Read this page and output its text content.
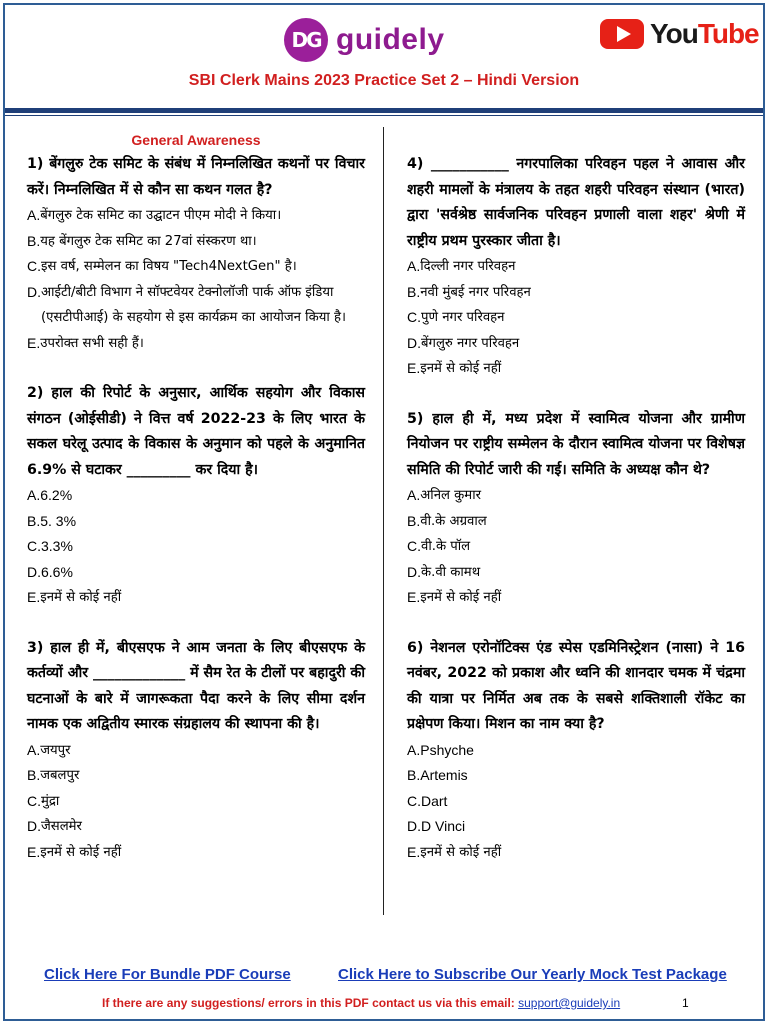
DG guidely	YouTube
SBI Clerk Mains 2023 Practice Set 2 – Hindi Version
General Awareness
1) बेंगलुरु टेक समिट के संबंध में निम्नलिखित कथनों पर विचार करें। निम्नलिखित में से कौन सा कथन गलत है?
A. बेंगलुरु टेक समिट का उद्घाटन पीएम मोदी ने किया।
B. यह बेंगलुरु टेक समिट का 27वां संस्करण था।
C. इस वर्ष, सम्मेलन का विषय "Tech4NextGen" है।
D. आईटी/बीटी विभाग ने सॉफ्टवेयर टेक्नोलॉजी पार्क ऑफ इंडिया (एसटीपीआई) के सहयोग से इस कार्यक्रम का आयोजन किया है।
E. उपरोक्त सभी सही हैं।
2) हाल की रिपोर्ट के अनुसार, आर्थिक सहयोग और विकास संगठन (ओईसीडी) ने वित्त वर्ष 2022-23 के लिए भारत के सकल घरेलू उत्पाद के विकास के अनुमान को पहले के अनुमानित 6.9% से घटाकर _________ कर दिया है।
A. 6.2%
B. 5. 3%
C. 3.3%
D. 6.6%
E. इनमें से कोई नहीं
3) हाल ही में, बीएसएफ ने आम जनता के लिए बीएसएफ के कर्तव्यों और _____________ में सैम रेत के टीलों पर बहादुरी की घटनाओं के बारे में जागरूकता पैदा करने के लिए सीमा दर्शन नामक एक अद्वितीय स्मारक संग्रहालय की स्थापना की है।
A. जयपुर
B. जबलपुर
C. मुंद्रा
D. जैसलमेर
E. इनमें से कोई नहीं
4) ___________ नगरपालिका परिवहन पहल ने आवास और शहरी मामलों के मंत्रालय के तहत शहरी परिवहन संस्थान (भारत) द्वारा 'सर्वश्रेष्ठ सार्वजनिक परिवहन प्रणाली वाला शहर' श्रेणी में राष्ट्रीय प्रथम पुरस्कार जीता है।
A. दिल्ली नगर परिवहन
B. नवी मुंबई नगर परिवहन
C. पुणे नगर परिवहन
D. बेंगलुरु नगर परिवहन
E. इनमें से कोई नहीं
5) हाल ही में, मध्य प्रदेश में स्वामित्व योजना और ग्रामीण नियोजन पर राष्ट्रीय सम्मेलन के दौरान स्वामित्व योजना पर विशेषज्ञ समिति की रिपोर्ट जारी की गई। समिति के अध्यक्ष कौन थे?
A. अनिल कुमार
B. वी.के अग्रवाल
C. वी.के पॉल
D. के.वी कामथ
E. इनमें से कोई नहीं
6) नेशनल एरोनॉटिक्स एंड स्पेस एडमिनिस्ट्रेशन (नासा) ने 16 नवंबर, 2022 को प्रकाश और ध्वनि की शानदार चमक में चंद्रमा की यात्रा पर निर्मित अब तक के सबसे शक्तिशाली रॉकेट का प्रक्षेपण किया। मिशन का नाम क्या है?
A. Pshyche
B. Artemis
C. Dart
D. D Vinci
E. इनमें से कोई नहीं
Click Here For Bundle PDF Course	Click Here to Subscribe Our Yearly Mock Test Package
If there are any suggestions/ errors in this PDF contact us via this email: support@guidely.in	1
